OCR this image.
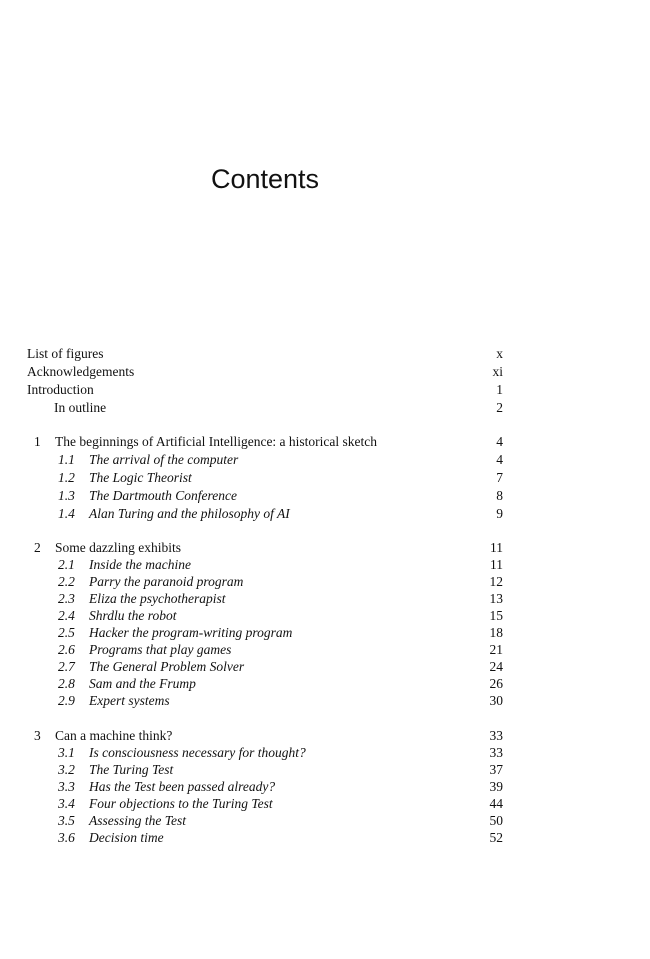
Contents
List of figures	x
Acknowledgements	xi
Introduction	1
In outline	2
1	The beginnings of Artificial Intelligence: a historical sketch	4
1.1 The arrival of the computer	4
1.2 The Logic Theorist	7
1.3 The Dartmouth Conference	8
1.4 Alan Turing and the philosophy of AI	9
2	Some dazzling exhibits	11
2.1 Inside the machine	11
2.2 Parry the paranoid program	12
2.3 Eliza the psychotherapist	13
2.4 Shrdlu the robot	15
2.5 Hacker the program-writing program	18
2.6 Programs that play games	21
2.7 The General Problem Solver	24
2.8 Sam and the Frump	26
2.9 Expert systems	30
3	Can a machine think?	33
3.1 Is consciousness necessary for thought?	33
3.2 The Turing Test	37
3.3 Has the Test been passed already?	39
3.4 Four objections to the Turing Test	44
3.5 Assessing the Test	50
3.6 Decision time	52
